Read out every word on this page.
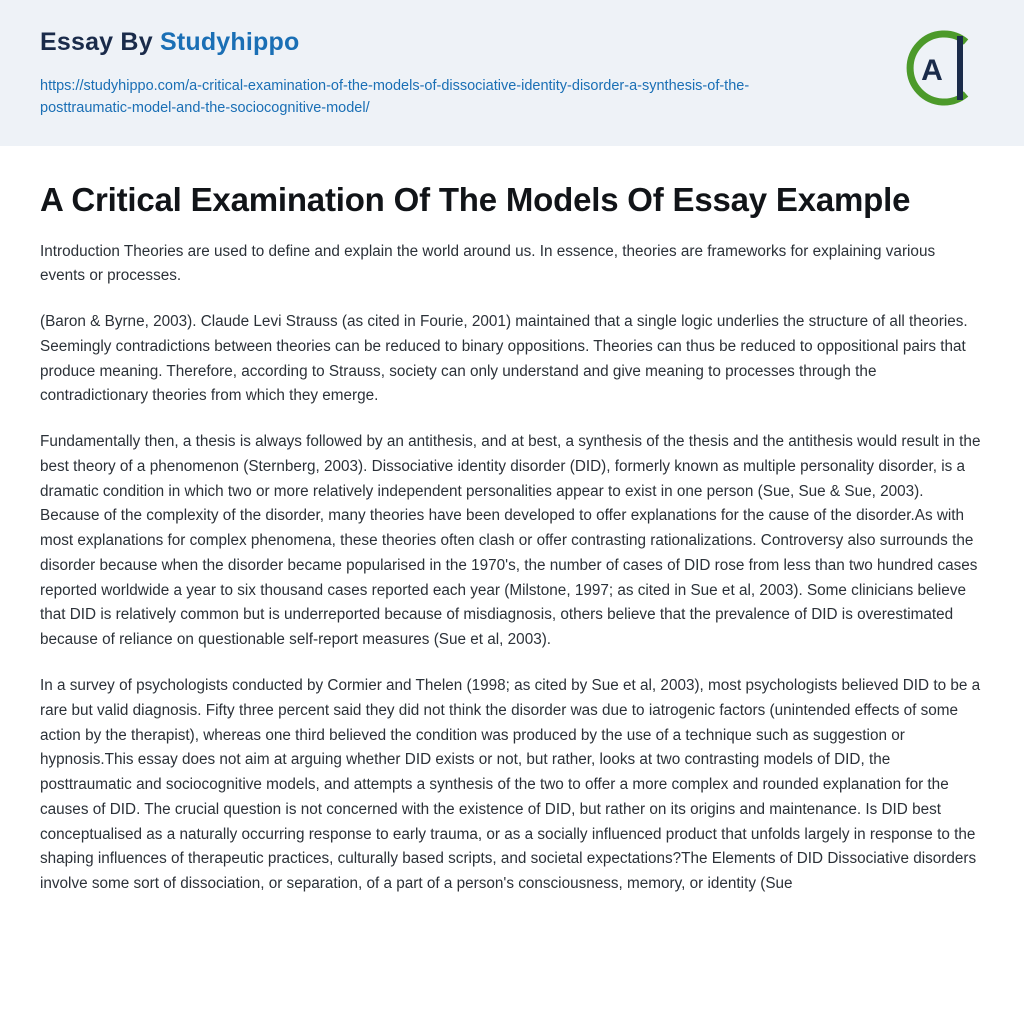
Essay By Studyhippo
https://studyhippo.com/a-critical-examination-of-the-models-of-dissociative-identity-disorder-a-synthesis-of-the-posttraumatic-model-and-the-sociocognitive-model/
A
A Critical Examination Of The Models Of Essay Example

Introduction Theories are used to define and explain the world around us. In essence, theories are frameworks for explaining various events or processes.

(Baron & Byrne, 2003). Claude Levi Strauss (as cited in Fourie, 2001) maintained that a single logic underlies the structure of all theories. Seemingly contradictions between theories can be reduced to binary oppositions. Theories can thus be reduced to oppositional pairs that produce meaning. Therefore, according to Strauss, society can only understand and give meaning to processes through the contradictionary theories from which they emerge.

Fundamentally then, a thesis is always followed by an antithesis, and at best, a synthesis of the thesis and the antithesis would result in the best theory of a phenomenon (Sternberg, 2003). Dissociative identity disorder (DID), formerly known as multiple personality disorder, is a dramatic condition in which two or more relatively independent personalities appear to exist in one person (Sue, Sue & Sue, 2003). Because of the complexity of the disorder, many theories have been developed to offer explanations for the cause of the disorder.As with most explanations for complex phenomena, these theories often clash or offer contrasting rationalizations. Controversy also surrounds the disorder because when the disorder became popularised in the 1970's, the number of cases of DID rose from less than two hundred cases reported worldwide a year to six thousand cases reported each year (Milstone, 1997; as cited in Sue et al, 2003). Some clinicians believe that DID is relatively common but is underreported because of misdiagnosis, others believe that the prevalence of DID is overestimated because of reliance on questionable self-report measures (Sue et al, 2003).

In a survey of psychologists conducted by Cormier and Thelen (1998; as cited by Sue et al, 2003), most psychologists believed DID to be a rare but valid diagnosis. Fifty three percent said they did not think the disorder was due to iatrogenic factors (unintended effects of some action by the therapist), whereas one third believed the condition was produced by the use of a technique such as suggestion or hypnosis.This essay does not aim at arguing whether DID exists or not, but rather, looks at two contrasting models of DID, the posttraumatic and sociocognitive models, and attempts a synthesis of the two to offer a more complex and rounded explanation for the causes of DID. The crucial question is not concerned with the existence of DID, but rather on its origins and maintenance. Is DID best conceptualised as a naturally occurring response to early trauma, or as a socially influenced product that unfolds largely in response to the shaping influences of therapeutic practices, culturally based scripts, and societal expectations?The Elements of DID Dissociative disorders involve some sort of dissociation, or separation, of a part of a person's consciousness, memory, or identity (Sue
